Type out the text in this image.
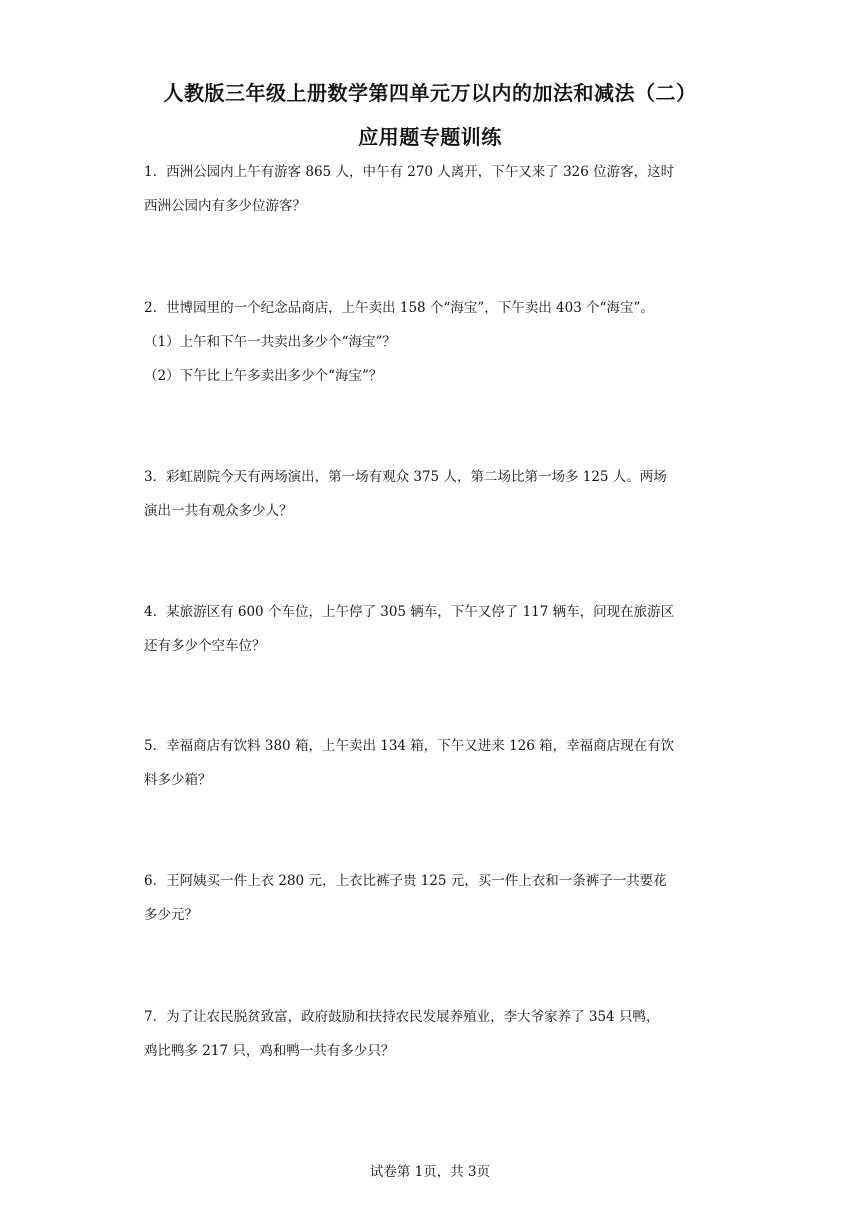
人教版三年级上册数学第四单元万以内的加法和减法（二）
应用题专题训练

1．西洲公园内上午有游客 865 人，中午有 270 人离开，下午又来了 326 位游客，这时

西洲公园内有多少位游客？

2．世博园里的一个纪念品商店，上午卖出 158 个“海宝”，下午卖出 403 个“海宝”。

（1）上午和下午一共卖出多少个“海宝”？

（2）下午比上午多卖出多少个“海宝”？

3．彩虹剧院今天有两场演出，第一场有观众 375 人，第二场比第一场多 125 人。两场

演出一共有观众多少人？

4．某旅游区有 600 个车位，上午停了 305 辆车，下午又停了 117 辆车，问现在旅游区

还有多少个空车位？

5．幸福商店有饮料 380 箱，上午卖出 134 箱，下午又进来 126 箱，幸福商店现在有饮

料多少箱？

6．王阿姨买一件上衣 280 元，上衣比裤子贵 125 元，买一件上衣和一条裤子一共要花

多少元？

7．为了让农民脱贫致富，政府鼓励和扶持农民发展养殖业，李大爷家养了 354 只鸭，

鸡比鸭多 217 只，鸡和鸭一共有多少只？

试卷第 1页，共 3页
